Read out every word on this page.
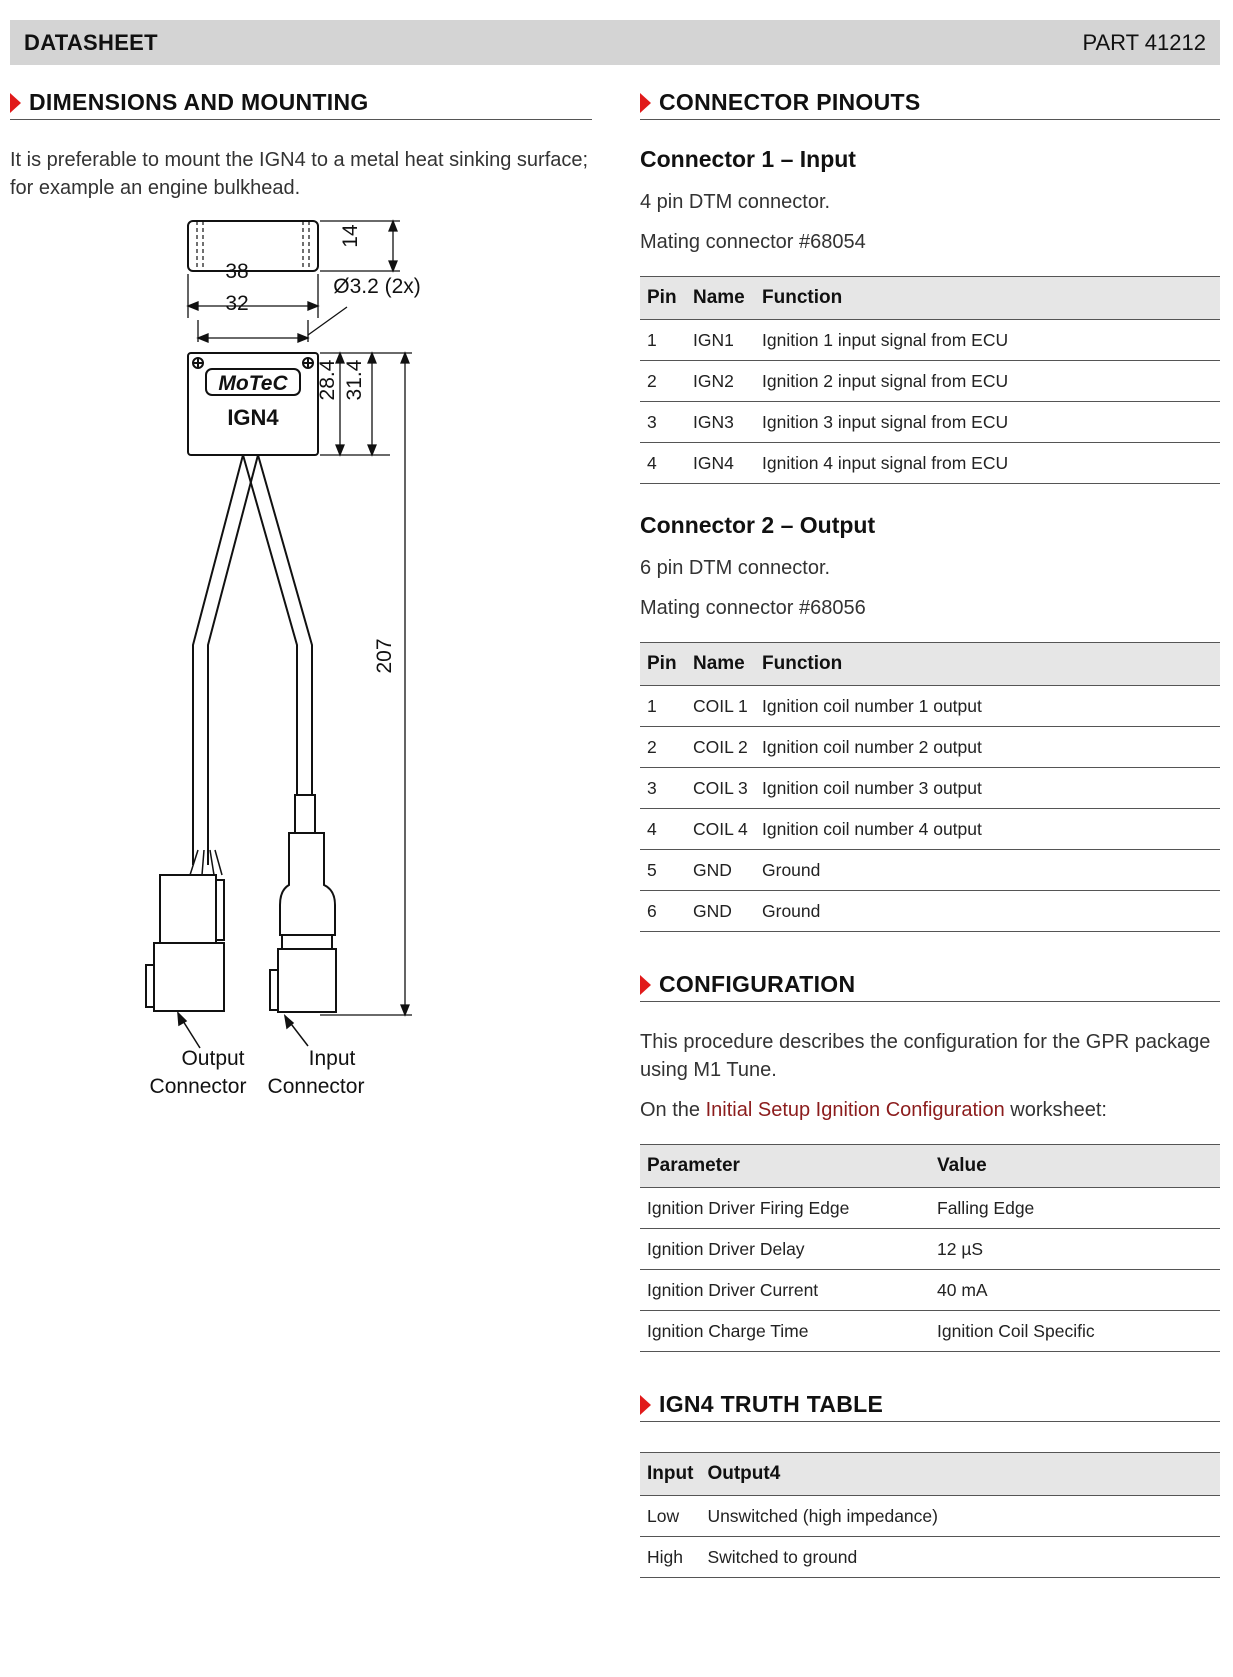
DATASHEET	PART 41212
DIMENSIONS AND MOUNTING
It is preferable to mount the IGN4 to a metal heat sinking surface; for example an engine bulkhead.
MoTeC
IGN4
14
38
32
Ø3.2 (2x)
28.4 31.4
207
Output
Connector
Input
Connector
CONNECTOR PINOUTS
Connector 1 – Input
4 pin DTM connector.
Mating connector #68054
Pin	Name	Function
1	IGN1	Ignition 1 input signal from ECU
2	IGN2	Ignition 2 input signal from ECU
3	IGN3	Ignition 3 input signal from ECU
4	IGN4	Ignition 4 input signal from ECU
Connector 2 – Output
6 pin DTM connector.
Mating connector #68056
Pin	Name	Function
1	COIL 1	Ignition coil number 1 output
2	COIL 2	Ignition coil number 2 output
3	COIL 3	Ignition coil number 3 output
4	COIL 4	Ignition coil number 4 output
5	GND	Ground
6	GND	Ground
CONFIGURATION
This procedure describes the configuration for the GPR package using M1 Tune.
On the Initial Setup Ignition Configuration worksheet:
Parameter	Value
Ignition Driver Firing Edge	Falling Edge
Ignition Driver Delay	12 µS
Ignition Driver Current	40 mA
Ignition Charge Time	Ignition Coil Specific
IGN4 TRUTH TABLE
Input	Output4
Low	Unswitched (high impedance)
High	Switched to ground
